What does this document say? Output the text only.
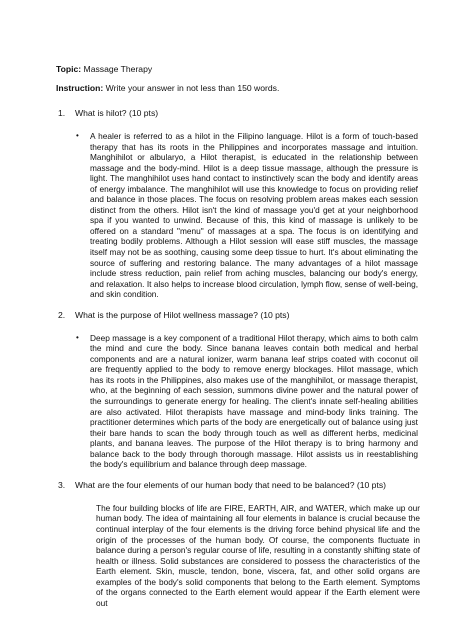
Topic: Massage Therapy

Instruction: Write your answer in not less than 150 words.

1.	What is hilot? (10 pts)
•	A healer is referred to as a hilot in the Filipino language. Hilot is a form of touch-based therapy that has its roots in the Philippines and incorporates massage and intuition. Manghihilot or albularyo, a Hilot therapist, is educated in the relationship between massage and the body-mind. Hilot is a deep tissue massage, although the pressure is light. The manghihilot uses hand contact to instinctively scan the body and identify areas of energy imbalance. The manghihilot will use this knowledge to focus on providing relief and balance in those places. The focus on resolving problem areas makes each session distinct from the others. Hilot isn't the kind of massage you'd get at your neighborhood spa if you wanted to unwind. Because of this, this kind of massage is unlikely to be offered on a standard "menu" of massages at a spa. The focus is on identifying and treating bodily problems. Although a Hilot session will ease stiff muscles, the massage itself may not be as soothing, causing some deep tissue to hurt. It's about eliminating the source of suffering and restoring balance. The many advantages of a hilot massage include stress reduction, pain relief from aching muscles, balancing our body's energy, and relaxation. It also helps to increase blood circulation, lymph flow, sense of well-being, and skin condition.

2.	What is the purpose of Hilot wellness massage? (10 pts)
•	Deep massage is a key component of a traditional Hilot therapy, which aims to both calm the mind and cure the body. Since banana leaves contain both medical and herbal components and are a natural ionizer, warm banana leaf strips coated with coconut oil are frequently applied to the body to remove energy blockages. Hilot massage, which has its roots in the Philippines, also makes use of the manghihilot, or massage therapist, who, at the beginning of each session, summons divine power and the natural power of the surroundings to generate energy for healing. The client's innate self-healing abilities are also activated. Hilot therapists have massage and mind-body links training. The practitioner determines which parts of the body are energetically out of balance using just their bare hands to scan the body through touch as well as different herbs, medicinal plants, and banana leaves. The purpose of the Hilot therapy is to bring harmony and balance back to the body through thorough massage. Hilot assists us in reestablishing the body's equilibrium and balance through deep massage.

3.	What are the four elements of our human body that need to be balanced? (10 pts)

The four building blocks of life are FIRE, EARTH, AIR, and WATER, which make up our human body. The idea of maintaining all four elements in balance is crucial because the continual interplay of the four elements is the driving force behind physical life and the origin of the processes of the human body. Of course, the components fluctuate in balance during a person's regular course of life, resulting in a constantly shifting state of health or illness. Solid substances are considered to possess the characteristics of the Earth element. Skin, muscle, tendon, bone, viscera, fat, and other solid organs are examples of the body's solid components that belong to the Earth element. Symptoms of the organs connected to the Earth element would appear if the Earth element were out
